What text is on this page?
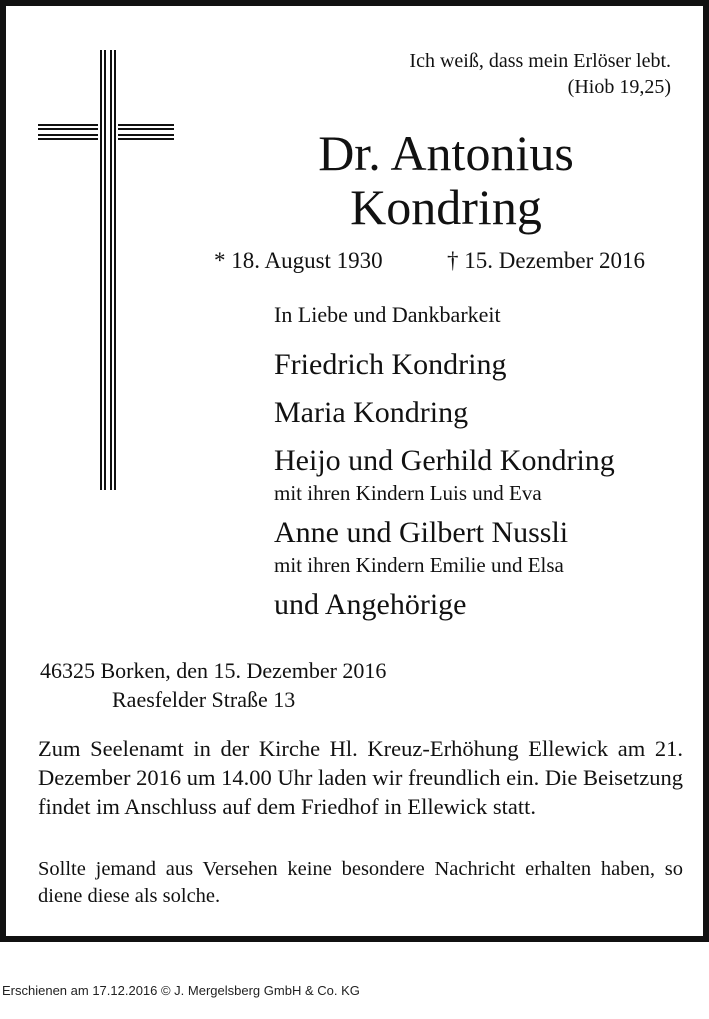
Ich weiß, dass mein Erlöser lebt.
(Hiob 19,25)
Dr. Antonius
Kondring
* 18. August 1930	† 15. Dezember 2016
In Liebe und Dankbarkeit
Friedrich Kondring
Maria Kondring
Heijo und Gerhild Kondring
mit ihren Kindern Luis und Eva
Anne und Gilbert Nussli
mit ihren Kindern Emilie und Elsa
und Angehörige
46325 Borken, den 15. Dezember 2016
Raesfelder Straße 13
Zum Seelenamt in der Kirche Hl. Kreuz-Erhöhung Ellewick am 21. Dezember 2016 um 14.00 Uhr laden wir freundlich ein. Die Beisetzung findet im Anschluss auf dem Friedhof in Ellewick statt.
Sollte jemand aus Versehen keine besondere Nachricht erhalten haben, so diene diese als solche.
Erschienen am 17.12.2016 © J. Mergelsberg GmbH & Co. KG
